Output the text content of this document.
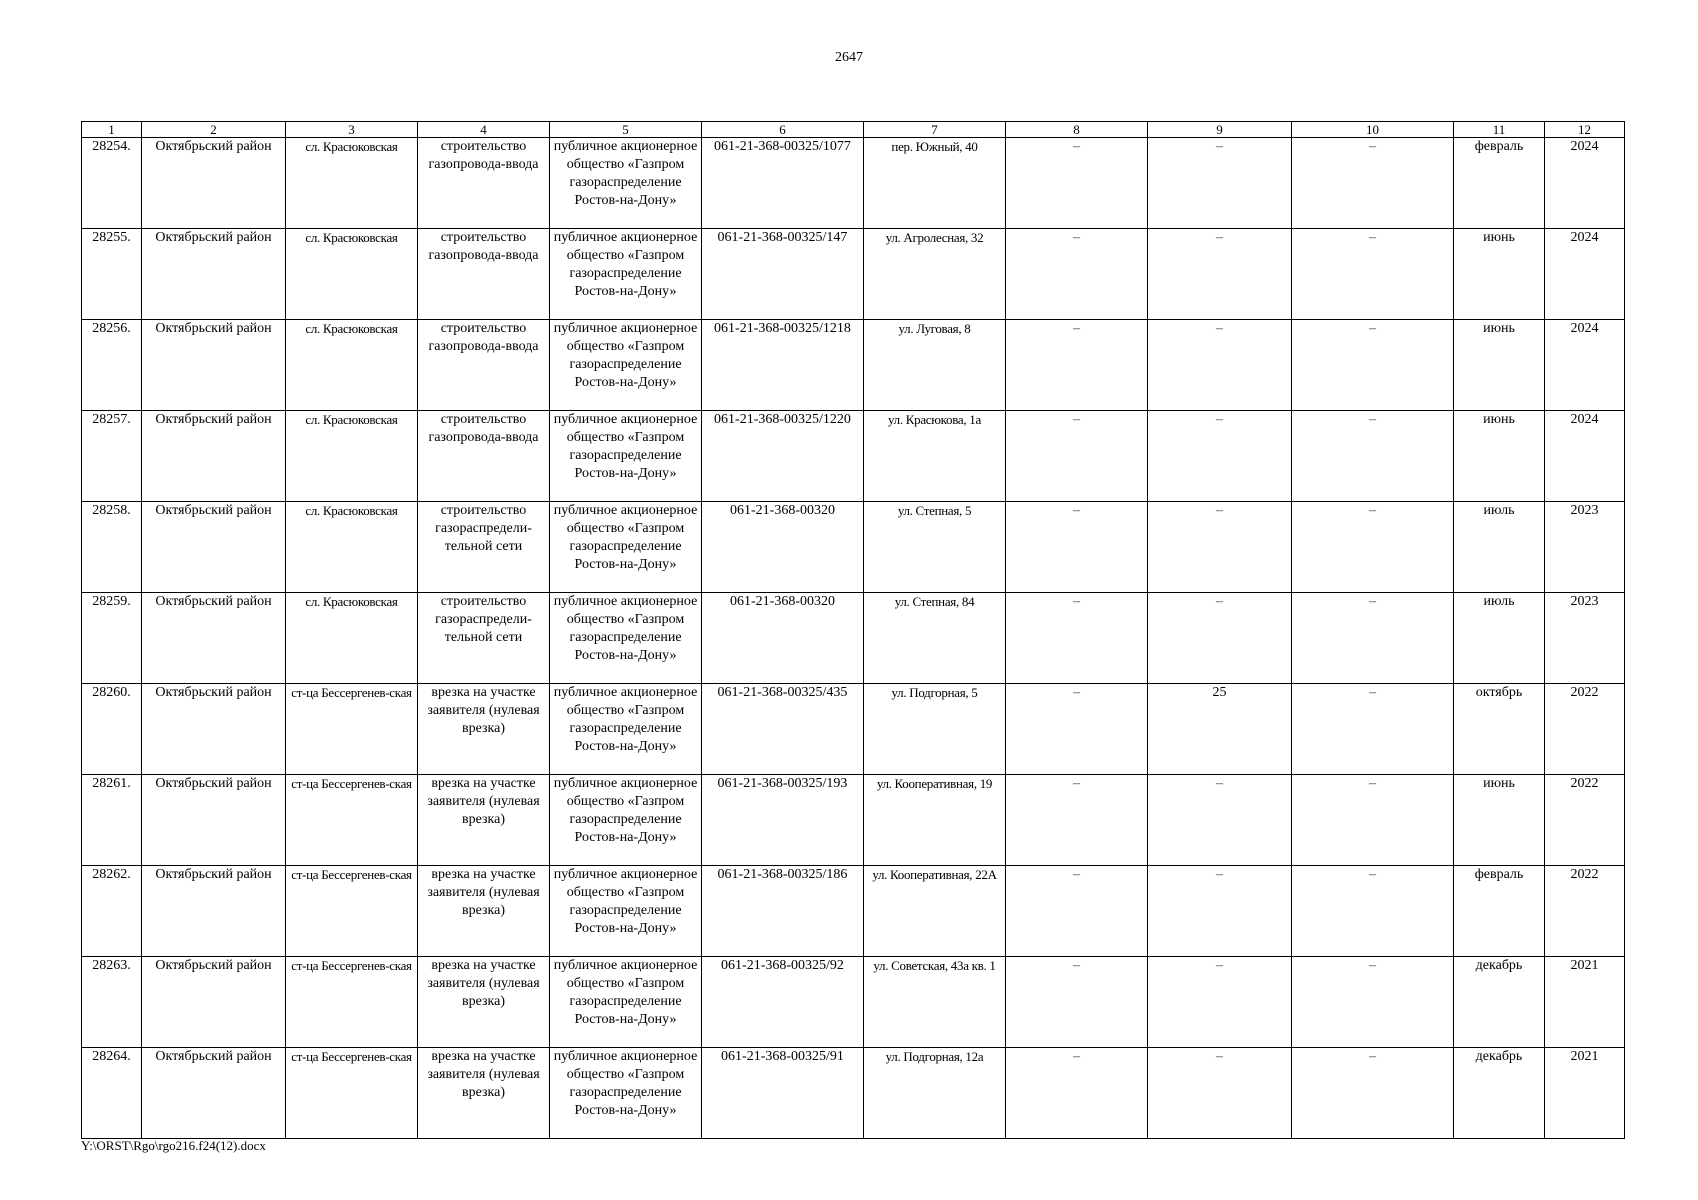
2647
1	2	3	4	5	6	7	8	9	10	11	12
28254.	Октябрьский район	сл. Красюковская	строительство газопровода-ввода	публичное акционерное общество «Газпром газораспределение Ростов-на-Дону»	061-21-368-00325/1077	пер. Южный, 40	–	–	–	февраль	2024
28255.	Октябрьский район	сл. Красюковская	строительство газопровода-ввода	публичное акционерное общество «Газпром газораспределение Ростов-на-Дону»	061-21-368-00325/147	ул. Агролесная, 32	–	–	–	июнь	2024
28256.	Октябрьский район	сл. Красюковская	строительство газопровода-ввода	публичное акционерное общество «Газпром газораспределение Ростов-на-Дону»	061-21-368-00325/1218	ул. Луговая, 8	–	–	–	июнь	2024
28257.	Октябрьский район	сл. Красюковская	строительство газопровода-ввода	публичное акционерное общество «Газпром газораспределение Ростов-на-Дону»	061-21-368-00325/1220	ул. Красюкова, 1а	–	–	–	июнь	2024
28258.	Октябрьский район	сл. Красюковская	строительство газораспредели-тельной сети	публичное акционерное общество «Газпром газораспределение Ростов-на-Дону»	061-21-368-00320	ул. Степная, 5	–	–	–	июль	2023
28259.	Октябрьский район	сл. Красюковская	строительство газораспредели-тельной сети	публичное акционерное общество «Газпром газораспределение Ростов-на-Дону»	061-21-368-00320	ул. Степная, 84	–	–	–	июль	2023
28260.	Октябрьский район	ст-ца Бессергенев-ская	врезка на участке заявителя (нулевая врезка)	публичное акционерное общество «Газпром газораспределение Ростов-на-Дону»	061-21-368-00325/435	ул. Подгорная, 5	–	25	–	октябрь	2022
28261.	Октябрьский район	ст-ца Бессергенев-ская	врезка на участке заявителя (нулевая врезка)	публичное акционерное общество «Газпром газораспределение Ростов-на-Дону»	061-21-368-00325/193	ул. Кооперативная, 19	–	–	–	июнь	2022
28262.	Октябрьский район	ст-ца Бессергенев-ская	врезка на участке заявителя (нулевая врезка)	публичное акционерное общество «Газпром газораспределение Ростов-на-Дону»	061-21-368-00325/186	ул. Кооперативная, 22А	–	–	–	февраль	2022
28263.	Октябрьский район	ст-ца Бессергенев-ская	врезка на участке заявителя (нулевая врезка)	публичное акционерное общество «Газпром газораспределение Ростов-на-Дону»	061-21-368-00325/92	ул. Советская, 43а кв. 1	–	–	–	декабрь	2021
28264.	Октябрьский район	ст-ца Бессергенев-ская	врезка на участке заявителя (нулевая врезка)	публичное акционерное общество «Газпром газораспределение Ростов-на-Дону»	061-21-368-00325/91	ул. Подгорная, 12а	–	–	–	декабрь	2021
Y:\ORST\Rgo\rgo216.f24(12).docx
